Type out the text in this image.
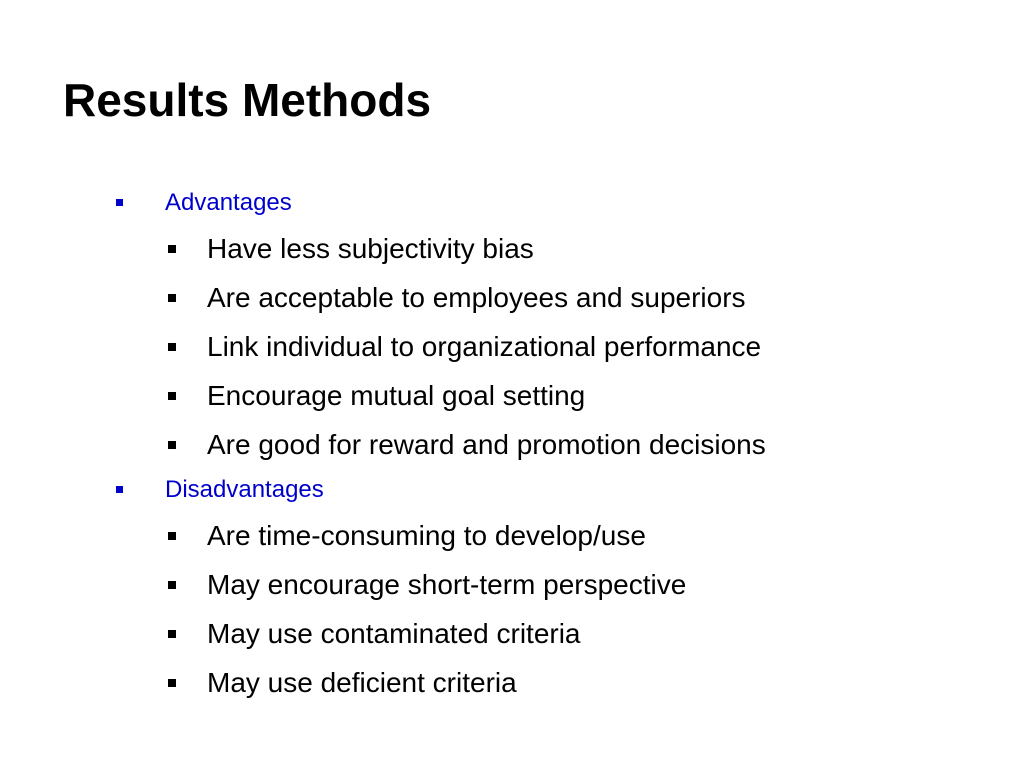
Results Methods
Advantages
Have less subjectivity bias
Are acceptable to employees and superiors
Link individual to organizational performance
Encourage mutual goal setting
Are good for reward and promotion decisions
Disadvantages
Are time-consuming to develop/use
May encourage short-term perspective
May use contaminated criteria
May use deficient criteria
